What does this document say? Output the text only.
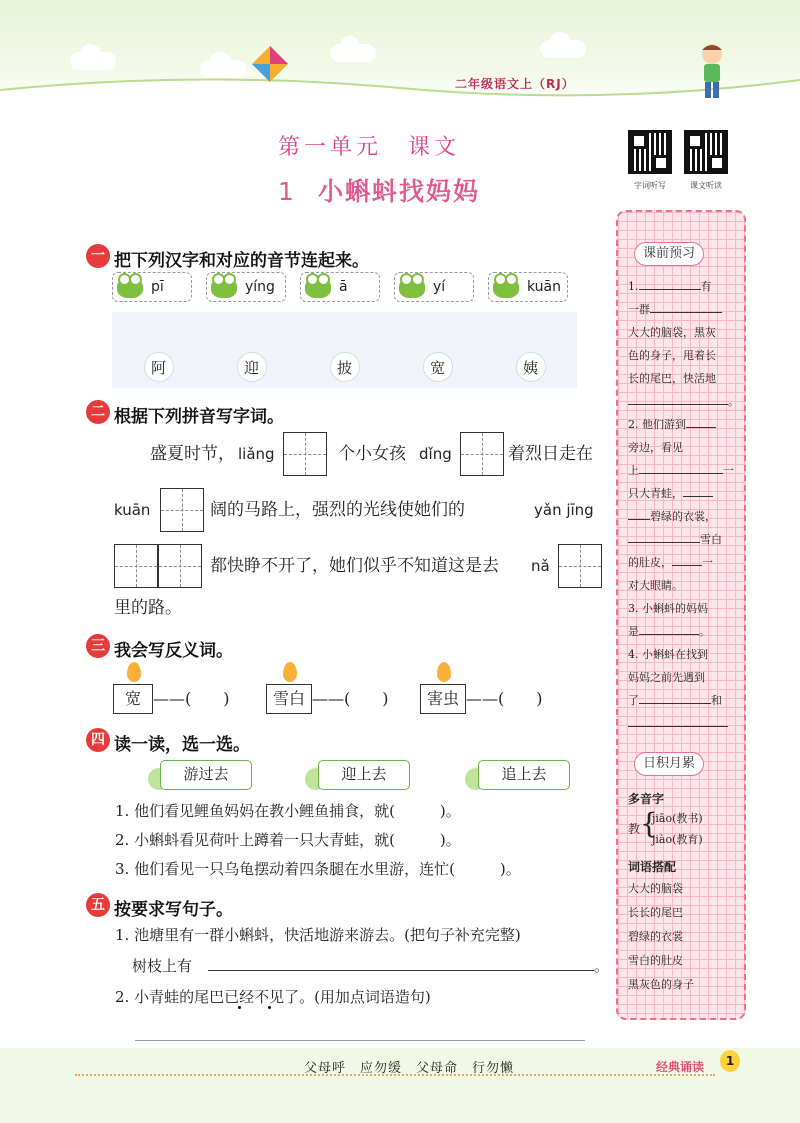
二年级语文上（RJ）
第一单元　课文
1 小蝌蚪找妈妈	字词听写	课文听读
一 把下列汉字和对应的音节连起来。
pī	yíng	ā	yí	kuān
阿	迎	披	宽	姨
二 根据下列拼音写字词。
盛夏时节， liǎng	个小女孩 dǐng	着烈日走在
kuān	阔的马路上，强烈的光线使她们的	yǎn jīng
都快睁不开了，她们似乎不知道这是去 nǎ
里的路。
三 我会写反义词。
宽 ——(　　)	雪白 ——(　　)	害虫 ——(　　)
四 读一读，选一选。
游过去	迎上去	追上去
1. 他们看见鲤鱼妈妈在教小鲤鱼捕食，就(　　　)。
2. 小蝌蚪看见荷叶上蹲着一只大青蛙，就(　　　)。
3. 他们看见一只乌龟摆动着四条腿在水里游，连忙(　　　)。
五 按要求写句子。
1. 池塘里有一群小蝌蚪，快活地游来游去。(把句子补充完整)
树枝上有	。
2. 小青蛙的尾巴已经不见了。(用加点词语造句)
课前预习
1.	有
一群
大大的脑袋，黑灰
色的身子，甩着长
长的尾巴，快活地
。
2. 他们游到
旁边，看见
上	一
只大青蛙，
碧绿的衣裳，
雪白
的肚皮，	一
对大眼睛。
3. 小蝌蚪的妈妈
是	。
4. 小蝌蚪在找到
妈妈之前先遇到
了	和
日积月累
多音字
教 {
jiāo(教书)
jiào(教育)
词语搭配
大大的脑袋
长长的尾巴
碧绿的衣裳
雪白的肚皮
黑灰色的身子
父母呼　应勿缓　父母命　行勿懒	经典诵读	1
